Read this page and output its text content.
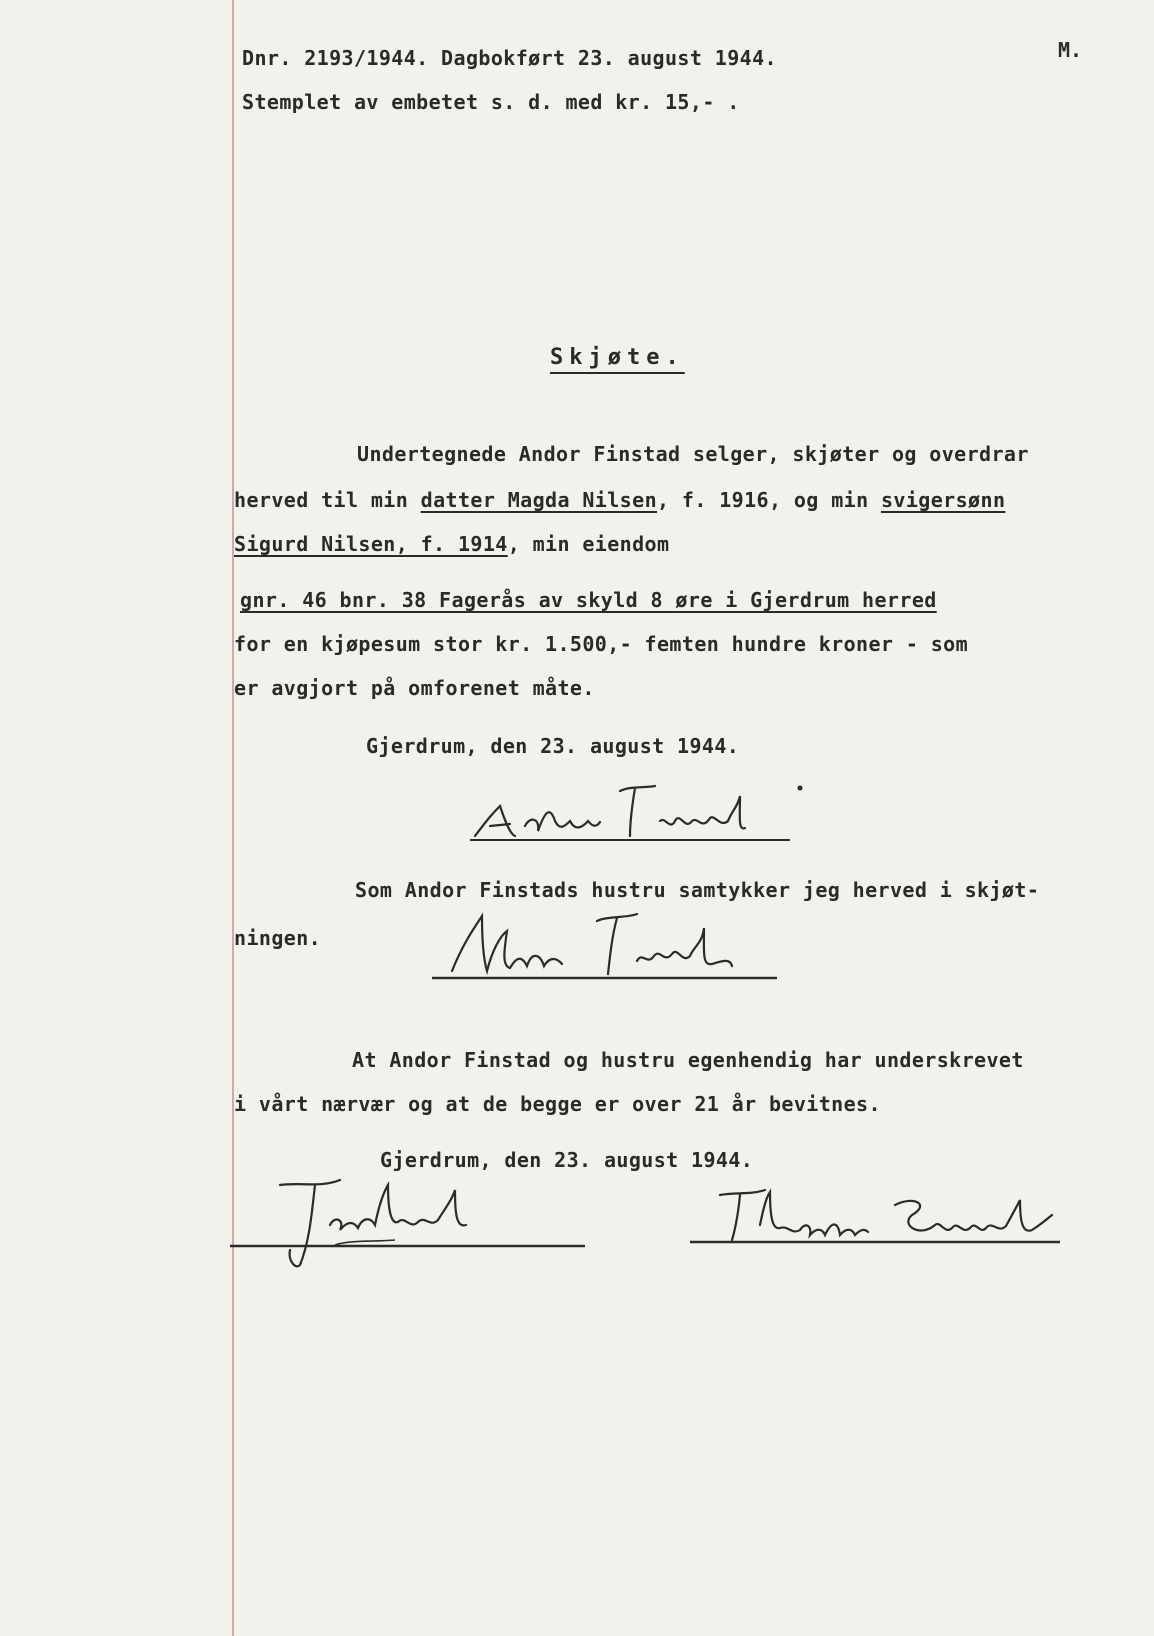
Dnr. 2193/1944. Dagbokført 23. august 1944.
Stemplet av embetet s. d. med kr. 15,- .
M.
Skjøte.
Undertegnede Andor Finstad selger, skjøter og overdrar
herved til min datter Magda Nilsen, f. 1916, og min svigersønn
Sigurd Nilsen, f. 1914, min eiendom
gnr. 46 bnr. 38 Fagerås av skyld 8 øre i Gjerdrum herred
for en kjøpesum stor kr. 1.500,- femten hundre kroner - som
er avgjort på omforenet måte.
Gjerdrum, den 23. august 1944.
Som Andor Finstads hustru samtykker jeg herved i skjøt-
ningen.
At Andor Finstad og hustru egenhendig har underskrevet
i vårt nærvær og at de begge er over 21 år bevitnes.
Gjerdrum, den 23. august 1944.
